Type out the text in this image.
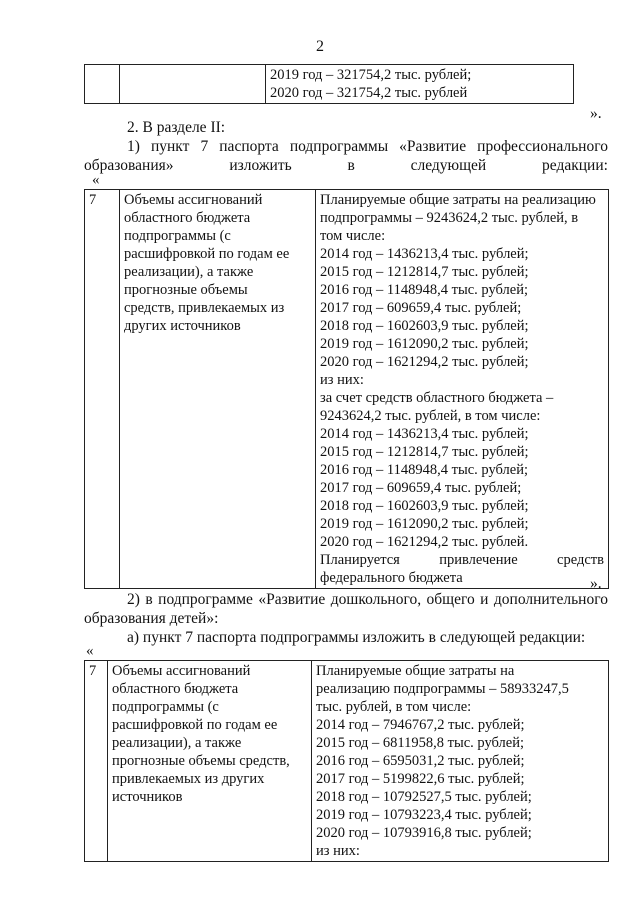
2

2019 год – 321754,2 тыс. рублей;
2020 год – 321754,2 тыс. рублей
».
2. В разделе II:
1) пункт 7 паспорта подпрограммы «Развитие профессионального
образования»	изложить	в	следующей	редакции:
«
7	Объемы ассигнований
областного бюджета
подпрограммы (с
расшифровкой по годам ее
реализации), а также
прогнозные объемы
средств, привлекаемых из
других источников

Планируемые общие затраты на реализацию
подпрограммы – 9243624,2 тыс. рублей, в
том числе:
2014 год – 1436213,4 тыс. рублей;
2015 год – 1212814,7 тыс. рублей;
2016 год – 1148948,4 тыс. рублей;
2017 год – 609659,4 тыс. рублей;
2018 год – 1602603,9 тыс. рублей;
2019 год – 1612090,2 тыс. рублей;
2020 год – 1621294,2 тыс. рублей;
из них:
за счет средств областного бюджета –
9243624,2 тыс. рублей, в том числе:
2014 год – 1436213,4 тыс. рублей;
2015 год – 1212814,7 тыс. рублей;
2016 год – 1148948,4 тыс. рублей;
2017 год – 609659,4 тыс. рублей;
2018 год – 1602603,9 тыс. рублей;
2019 год – 1612090,2 тыс. рублей;
2020 год – 1621294,2 тыс. рублей.
Планируется	привлечение	средств
федерального бюджета	».
2) в подпрограмме «Развитие дошкольного, общего и дополнительного
образования детей»:
а) пункт 7 паспорта подпрограммы изложить в следующей редакции:
«
7	Объемы ассигнований
областного бюджета
подпрограммы (с
расшифровкой по годам ее
реализации), а также
прогнозные объемы средств,
привлекаемых из других
источников

Планируемые общие затраты на
реализацию подпрограммы – 58933247,5
тыс. рублей, в том числе:
2014 год – 7946767,2 тыс. рублей;
2015 год – 6811958,8 тыс. рублей;
2016 год – 6595031,2 тыс. рублей;
2017 год – 5199822,6 тыс. рублей;
2018 год – 10792527,5 тыс. рублей;
2019 год – 10793223,4 тыс. рублей;
2020 год – 10793916,8 тыс. рублей;
из них:
